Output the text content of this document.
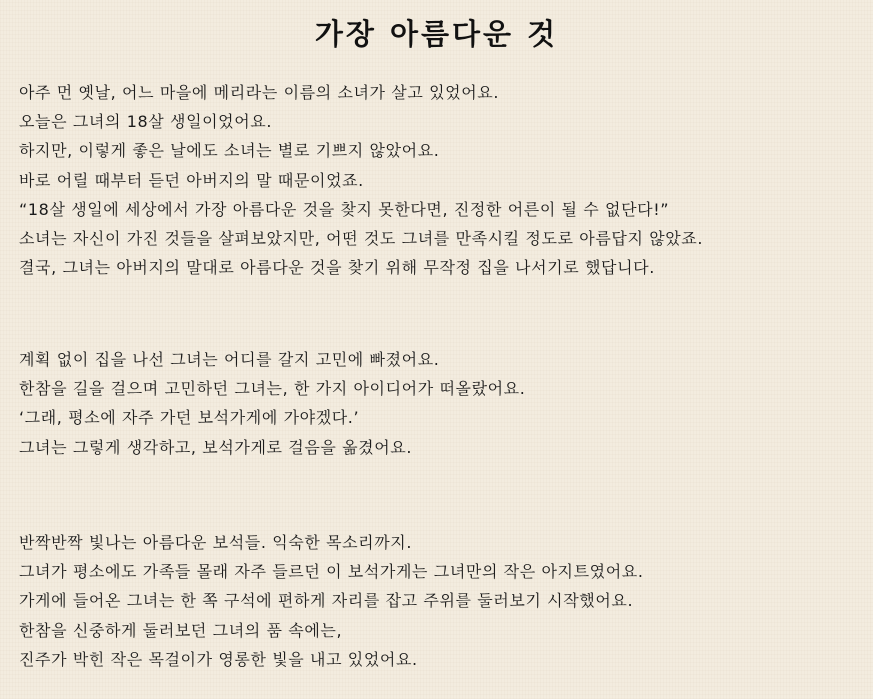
가장 아름다운 것
아주 먼 옛날, 어느 마을에 메리라는 이름의 소녀가 살고 있었어요.
오늘은 그녀의 18살 생일이었어요.
하지만, 이렇게 좋은 날에도 소녀는 별로 기쁘지 않았어요.
바로 어릴 때부터 듣던 아버지의 말 때문이었죠.
“18살 생일에 세상에서 가장 아름다운 것을 찾지 못한다면, 진정한 어른이 될 수 없단다!”
소녀는 자신이 가진 것들을 살펴보았지만, 어떤 것도 그녀를 만족시킬 정도로 아름답지 않았죠.
결국, 그녀는 아버지의 말대로 아름다운 것을 찾기 위해 무작정 집을 나서기로 했답니다.
계획 없이 집을 나선 그녀는 어디를 갈지 고민에 빠졌어요.
한참을 길을 걸으며 고민하던 그녀는, 한 가지 아이디어가 떠올랐어요.
‘그래, 평소에 자주 가던 보석가게에 가야겠다.’
그녀는 그렇게 생각하고, 보석가게로 걸음을 옮겼어요.
반짝반짝 빛나는 아름다운 보석들. 익숙한 목소리까지.
그녀가 평소에도 가족들 몰래 자주 들르던 이 보석가게는 그녀만의 작은 아지트였어요.
가게에 들어온 그녀는 한 쪽 구석에 편하게 자리를 잡고 주위를 둘러보기 시작했어요.
한참을 신중하게 둘러보던 그녀의 품 속에는,
진주가 박힌 작은 목걸이가 영롱한 빛을 내고 있었어요.
